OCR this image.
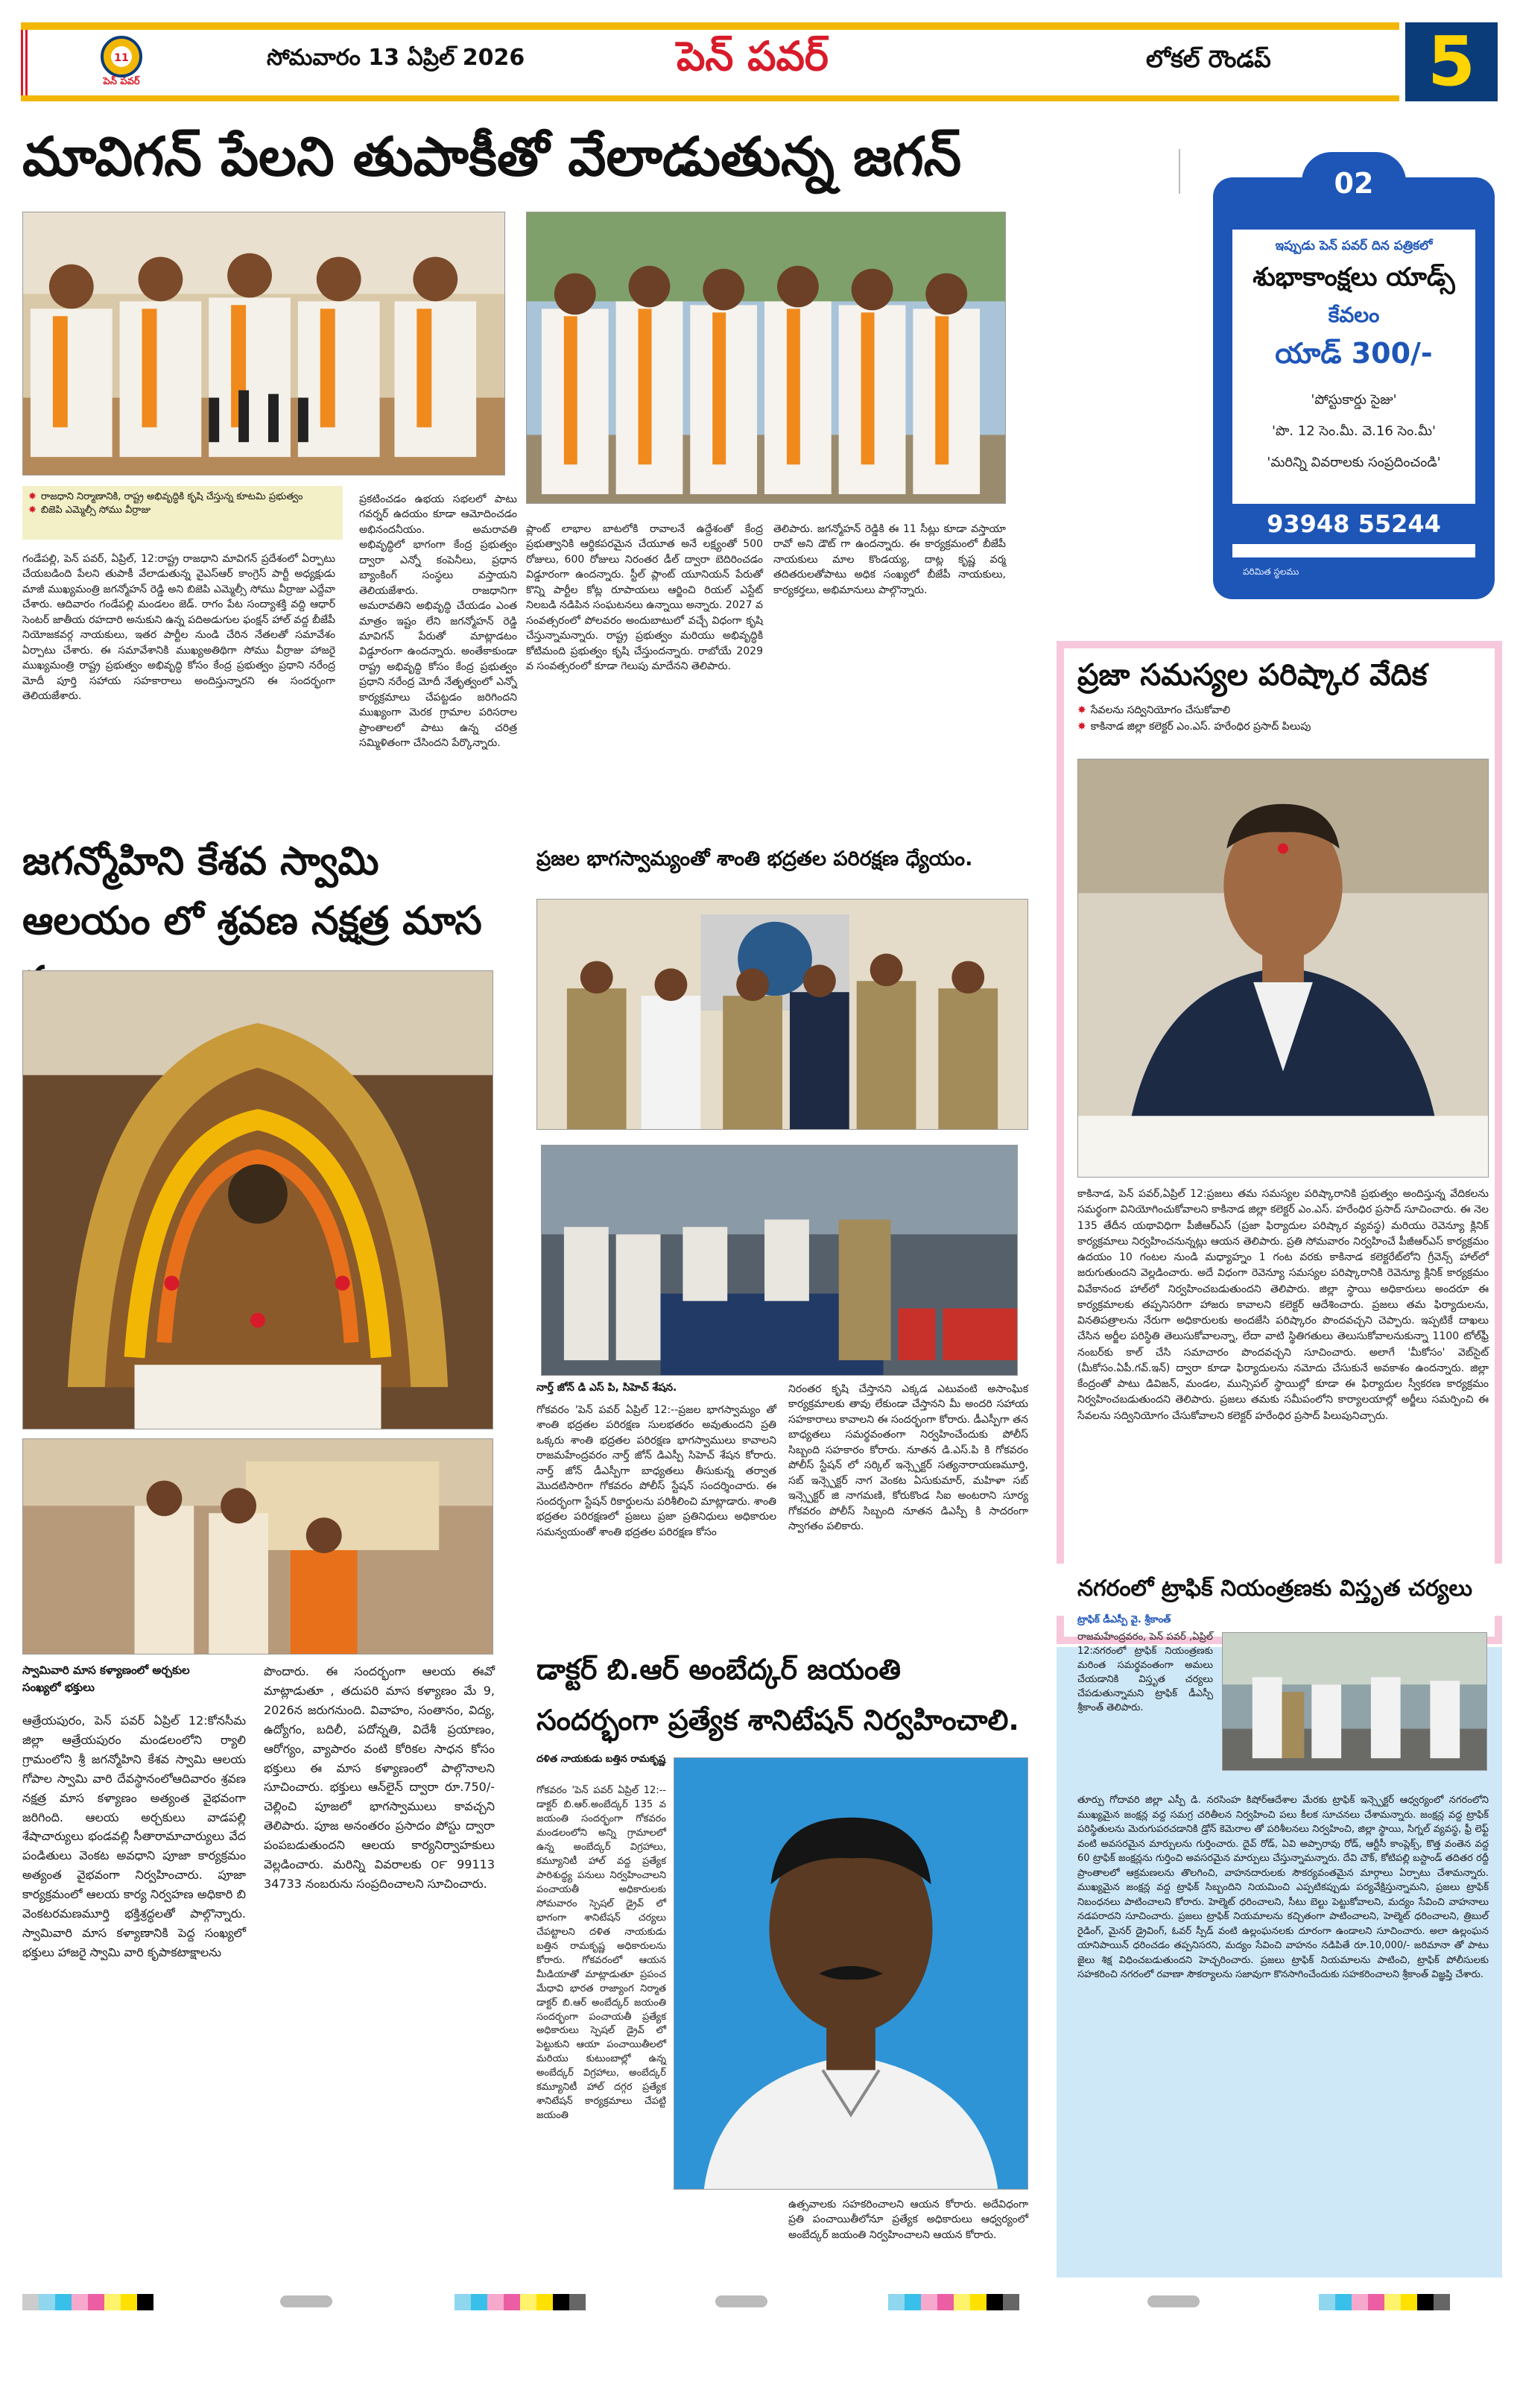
11
పెన్ పవర్
సోమవారం 13 ఏప్రిల్ 2026	పెన్ పవర్	లోకల్ రౌండప్	5
మావిగన్ పేలని తుపాకీతో వేలాడుతున్న జగన్
✸ రాజధాని నిర్మాణానికి, రాష్ట్ర అభివృద్ధికి కృషి చేస్తున్న కూటమి ప్రభుత్వం
✸ బిజెపి ఎమ్మెల్సీ సోము వీర్రాజు
గండేపల్లి, పెన్ పవర్, ఏప్రిల్, 12:రాష్ట్ర రాజధాని మావిగన్ ప్రదేశంలో ఏర్పాటు చేయబడింది పేలని తుపాకీ వేలాడుతున్న వైఎస్ఆర్ కాంగ్రెస్ పార్టీ అధ్యక్షుడు మాజీ ముఖ్యమంత్రి జగన్మోహన్ రెడ్డి అని బిజెపి ఎమ్మెల్సీ సోము వీర్రాజు ఎద్దేవా చేశారు. ఆదివారం గండేపల్లి మండలం జెడ్. రాగం పేట సంద్యాశక్తి వద్ది ఆధార్ సెంటర్ జాతీయ రహదారి అనుకుని ఉన్న పదిఅడుగుల ఫంక్షన్ హాల్ వద్ద బీజేపీ నియోజకవర్గ నాయకులు, ఇతర పార్టీల నుండి చేరిన నేతలతో సమావేశం ఏర్పాటు చేశారు. ఈ సమావేశానికి ముఖ్యఅతిథిగా సోము వీర్రాజు హాజరై ముఖ్యమంత్రి రాష్ట్ర ప్రభుత్వం అభివృద్ధి కోసం కేంద్ర ప్రభుత్వం ప్రధాని నరేంద్ర మోదీ పూర్తి సహాయ సహకారాలు అందిస్తున్నారని ఈ సందర్భంగా తెలియజేశారు.
ప్రకటించడం ఉభయ సభలలో పాటు గవర్నర్ ఉదయం కూడా ఆమోదించడం అభినందనీయం. అమరావతి అభివృద్ధిలో భాగంగా కేంద్ర ప్రభుత్వం ద్వారా ఎన్నో కంపెనీలు, ప్రధాన బ్యాంకింగ్ సంస్థలు వస్తాయని తెలియజేశారు. రాజధానిగా అమరావతిని అభివృద్ధి చేయడం ఎంత మాత్రం ఇష్టం లేని జగన్మోహన్ రెడ్డి మావిగన్ పేరుతో మాట్లాడటం విడ్డూరంగా ఉందన్నారు. అంతేకాకుండా రాష్ట్ర అభివృద్ధి కోసం కేంద్ర ప్రభుత్వం ప్రధాని నరేంద్ర మోదీ నేతృత్వంలో ఎన్నో కార్యక్రమాలు చేపట్టడం జరిగిందని ముఖ్యంగా మెరక గ్రామాల పరిసరాల ప్రాంతాలలో పాటు ఉన్న చరిత్ర సమ్మిళితంగా చేసిందని పేర్కొన్నారు.
ప్లాంట్ లాభాల బాటలోకి రావాలనే ఉద్దేశంతో కేంద్ర ప్రభుత్వానికి ఆర్థికపరమైన చేయూత అనే లక్ష్యంతో 500 రోజులు, 600 రోజులు నిరంతర డీల్ ద్వారా బెదిరించడం విడ్డూరంగా ఉందన్నారు. స్టీల్ ప్లాంట్ యూనియన్ పేరుతో కొన్ని పార్టీల కోట్ల రూపాయలు ఆర్జించి రియల్ ఎస్టేట్ నిలబడి నడిపిన సంఘటనలు ఉన్నాయి అన్నారు. 2027 వ సంవత్సరంలో పోలవరం అందుబాటులో వచ్చే విధంగా కృషి చేస్తున్నామన్నారు. రాష్ట్ర ప్రభుత్వం మరియు అభివృద్ధికి కోటిమంది ప్రభుత్వం కృషి చేస్తుందన్నారు. రాబోయే 2029 వ సంవత్సరంలో కూడా గెలుపు మాదేనని తెలిపారు.
తెలిపారు. జగన్మోహన్ రెడ్డికి ఈ 11 సీట్లు కూడా వస్తాయా రావో అని డౌట్ గా ఉందన్నారు. ఈ కార్యక్రమంలో బీజేపీ నాయకులు మాల కొండయ్య, దాట్ల కృష్ణ వర్మ తదితరులతోపాటు అధిక సంఖ్యలో బీజేపీ నాయకులు, కార్యకర్తలు, అభిమానులు పాల్గొన్నారు.
02
ఇప్పుడు పెన్ పవర్ దిన పత్రికలో
శుభాకాంక్షలు యాడ్స్
కేవలం
యాడ్ 300/-
'పోస్టుకార్డు సైజు'
'పొ. 12 సెం.మీ. వె.16 సెం.మీ'
'మరిన్ని వివరాలకు సంప్రదించండి'
93948 55244
పరిమిత స్థలము
జగన్మోహిని కేశవ స్వామి ఆలయం లో శ్రవణ నక్షత్ర మాస
స్వామివారి మాస కళ్యాణంలో అర్చకుల సంఖ్యలో భక్తులు
ఆత్రేయపురం, పెన్ పవర్ ఏప్రిల్ 12:కోనసీమ జిల్లా ఆత్రేయపురం మండలంలోని ర్యాలి గ్రామంలోని శ్రీ జగన్మోహిని కేశవ స్వామి ఆలయ గోపాల స్వామి వారి దేవస్థానంలోఆదివారం శ్రవణ నక్షత్ర మాస కళ్యాణం అత్యంత వైభవంగా జరిగింది. ఆలయ అర్చకులు వాడపల్లి శేషాచార్యులు భండవల్లి సీతారామాచార్యులు వేద పండితులు వెంకట అవధాని పూజా కార్యక్రమం అత్యంత వైభవంగా నిర్వహించారు. పూజా కార్యక్రమంలో ఆలయ కార్య నిర్వహణ అధికారి బి వెంకటరమణమూర్తి భక్తిశ్రద్ధలతో పాల్గొన్నారు. స్వామివారి మాస కళ్యాణానికి పెద్ద సంఖ్యలో భక్తులు హాజరై స్వామి వారి కృపాకటాక్షాలను
పొందారు. ఈ సందర్భంగా ఆలయ ఈవో మాట్లాడుతూ , తదుపరి మాస కళ్యాణం మే 9, 2026న జరుగనుంది. వివాహం, సంతానం, విద్య, ఉద్యోగం, బదిలీ, పదోన్నతి, విదేశీ ప్రయాణం, ఆరోగ్యం, వ్యాపారం వంటి కోరికల సాధన కోసం భక్తులు ఈ మాస కళ్యాణంలో పాల్గొనాలని సూచించారు. భక్తులు ఆన్‌లైన్ ద్వారా రూ.750/- చెల్లించి పూజలో భాగస్వాములు కావచ్చని తెలిపారు. పూజ అనంతరం ప్రసాదం పోస్టు ద్వారా పంపబడుతుందని ఆలయ కార్యనిర్వాహకులు వెల్లడించారు. మరిన్ని వివరాలకు ౦౯ 99113 34733 నంబరును సంప్రదించాలని సూచించారు.
ప్రజల భాగస్వామ్యంతో శాంతి భద్రతల పరిరక్షణ ధ్యేయం.
నార్త్ జోన్ డి ఎస్ పి, సిహెచ్ శేషన.
గోకవరం 'పెన్ పవర్ ఏప్రిల్ 12:--ప్రజల భాగస్వామ్యం తో శాంతి భద్రతల పరిరక్షణ సులభతరం అవుతుందని ప్రతి ఒక్కరు శాంతి భద్రతల పరిరక్షణ భాగస్వాములు కావాలని రాజమహేంద్రవరం నార్త్ జోన్ డిఎస్పీ సిహెచ్ శేషన కోరారు. నార్త్ జోన్ డీఎస్పీగా బాధ్యతలు తీసుకున్న తర్వాత మొదటిసారిగా గోకవరం పోలీస్ స్టేషన్ సందర్శించారు. ఈ సందర్భంగా స్టేషన్ రికార్డులను పరిశీలించి మాట్లాడారు. శాంతి భద్రతల పరిరక్షణలో ప్రజలు ప్రజా ప్రతినిధులు అధికారుల సమన్వయంతో శాంతి భద్రతల పరిరక్షణ కోసం
నిరంతర కృషి చేస్తానని ఎక్కడ ఎటువంటి అసాంఘిక కార్యక్రమాలకు తావు లేకుండా చేస్తానని మీ అందరి సహాయ సహకారాలు కావాలని ఈ సందర్భంగా కోరారు. డీఎస్పీగా తన బాధ్యతలు సమర్థవంతంగా నిర్వహించేందుకు పోలీస్ సిబ్బంది సహకారం కోరారు. నూతన డి.ఎస్.పి కి గోకవరం పోలీస్ స్టేషన్ లో సర్కిల్ ఇన్స్పెక్టర్ సత్యనారాయణమూర్తి, సబ్ ఇన్స్పెక్టర్ నాగ వెంకట ఏసుకుమార్, మహిళా సబ్ ఇన్స్పెక్టర్ జి నాగమణి, కోరుకొండ సిఐ అంటరాని సూర్య గోకవరం పోలీస్ సిబ్బంది నూతన డిఎస్పీ కి సాదరంగా స్వాగతం పలికారు.
డాక్టర్ బి.ఆర్ అంబేద్కర్ జయంతి సందర్భంగా ప్రత్యేక శానిటేషన్ నిర్వహించాలి.
దళిత నాయకుడు బత్తిన రామకృష్ణ
గోకవరం 'పెన్ పవర్ ఏప్రిల్ 12:-- డాక్టర్ బి.ఆర్.అంబేద్కర్ 135 వ జయంతి సందర్భంగా గోకవరం మండలంలోని అన్ని గ్రామాలలో ఉన్న అంబేద్కర్ విగ్రహాలు, కమ్యూనిటీ హాల్ వద్ద ప్రత్యేక పారిశుద్ధ్య పనులు నిర్వహించాలని పంచాయతీ అధికారులకు సోమవారం స్పెషల్ డ్రైవ్ లో భాగంగా శానిటేషన్ చర్యలు చేపట్టాలని దళిత నాయకుడు బత్తిన రామకృష్ణ అధికారులను కోరారు. గోకవరంలో ఆయన మీడియాతో మాట్లాడుతూ ప్రపంచ మేధావి భారత రాజ్యాంగ నిర్మాత డాక్టర్ బి.ఆర్ అంబేద్కర్ జయంతి సందర్భంగా పంచాయతీ ప్రత్యేక అధికారులు స్పెషల్ డ్రైవ్ లో పెట్టుకుని ఆయా పంచాయితీలలో మరియు కుటుంబాల్లో ఉన్న అంబేద్కర్ విగ్రహాలు, అంబేద్కర్ కమ్యూనిటీ హాల్ దగ్గర ప్రత్యేక శానిటేషన్ కార్యక్రమాలు చేపట్టి జయంతి
ఉత్సవాలకు సహకరించాలని ఆయన కోరారు. అదేవిధంగా ప్రతి పంచాయితీలోనూ ప్రత్యేక అధికారులు ఆధ్వర్యంలో అంబేద్కర్ జయంతి నిర్వహించాలని ఆయన కోరారు.
ప్రజా సమస్యల పరిష్కార వేదిక
✸ సేవలను సద్వినియోగం చేసుకోవాలి
✸ కాకినాడ జిల్లా కలెక్టర్ ఎం.ఎస్. హరేంధిర ప్రసాద్ పిలుపు
కాకినాడ, పెన్ పవర్,ఏప్రిల్ 12:ప్రజలు తమ సమస్యల పరిష్కారానికి ప్రభుత్వం అందిస్తున్న వేదికలను సమర్థంగా వినియోగించుకోవాలని కాకినాడ జిల్లా కలెక్టర్ ఎం.ఎస్. హరేంధిర ప్రసాద్ సూచించారు. ఈ నెల 135 తేదీన యథావిధిగా పీజీఆర్ఎస్ (ప్రజా ఫిర్యాదుల పరిష్కార వ్యవస్థ) మరియు రెవెన్యూ క్లినిక్ కార్యక్రమాలు నిర్వహించనున్నట్లు ఆయన తెలిపారు. ప్రతి సోమవారం నిర్వహించే పీజీఆర్ఎస్ కార్యక్రమం ఉదయం 10 గంటల నుండి మధ్యాహ్నం 1 గంట వరకు కాకినాడ కలెక్టరేట్‌లోని గ్రీవెన్స్ హాల్‌లో జరుగుతుందని వెల్లడించారు. అదే విధంగా రెవెన్యూ సమస్యల పరిష్కారానికి రెవెన్యూ క్లినిక్ కార్యక్రమం వివేకానంద హాల్‌లో నిర్వహించబడుతుందని తెలిపారు. జిల్లా స్థాయి అధికారులు అందరూ ఈ కార్యక్రమాలకు తప్పనిసరిగా హాజరు కావాలని కలెక్టర్ ఆదేశించారు. ప్రజలు తమ ఫిర్యాదులను, వినతిపత్రాలను నేరుగా అధికారులకు అందజేసి పరిష్కారం పొందవచ్చని చెప్పారు. ఇప్పటికే దాఖలు చేసిన అర్జీల పరిస్థితి తెలుసుకోవాలన్నా, లేదా వాటి స్థితిగతులు తెలుసుకోవాలనుకున్నా 1100 టోల్‌ఫ్రీ నంబర్‌కు కాల్ చేసి సమాచారం పొందవచ్చని సూచించారు. అలాగే 'మీకోసం' వెబ్‌సైట్ (మీకోసం.ఏపీ.గవ్.ఇన్) ద్వారా కూడా ఫిర్యాదులను నమోదు చేసుకునే అవకాశం ఉందన్నారు. జిల్లా కేంద్రంతో పాటు డివిజన్, మండల, మున్సిపల్ స్థాయిల్లో కూడా ఈ ఫిర్యాదుల స్వీకరణ కార్యక్రమం నిర్వహించబడుతుందని తెలిపారు. ప్రజలు తమకు సమీపంలోని కార్యాలయాల్లో అర్జీలు సమర్పించి ఈ సేవలను సద్వినియోగం చేసుకోవాలని కలెక్టర్ హరేంధిర ప్రసాద్ పిలుపునిచ్చారు.
నగరంలో ట్రాఫిక్ నియంత్రణకు విస్తృత చర్యలు
ట్రాఫిక్ డీఎస్పీ వై. శ్రీకాంత్
రాజమహేంద్రవరం, పెన్ పవర్ ,ఏప్రిల్ 12:నగరంలో ట్రాఫిక్ నియంత్రణకు మరింత సమర్థవంతంగా అమలు చేయడానికి విస్తృత చర్యలు చేపడుతున్నామని ట్రాఫిక్ డీఎస్పీ శ్రీకాంత్ తెలిపారు.
తూర్పు గోదావరి జిల్లా ఎస్పీ డి. నరసింహ కిషోర్ఆదేశాల మేరకు ట్రాఫిక్ ఇన్స్పెక్టర్ ఆధ్వర్యంలో నగరంలోని ముఖ్యమైన జంక్షన్ల వద్ద సమగ్ర చరితీలన నిర్వహించి పలు కీలక సూచనలు చేశామన్నారు. జంక్షన్ల వద్ద ట్రాఫిక్ పరిస్థితులను మెరుగుపరచడానికి డ్రోన్ కెమెరాల తో పరిశీలనలు నిర్వహించి, జిల్లా స్థాయి, సిగ్నల్ వ్యవస్థ, ఫ్రీ లెఫ్ట్ వంటి అవసరమైన మార్పులను గుర్తించారు. దైవ్ రోడ్, ఏవి అప్పారావు రోడ్, ఆర్టీసీ కాంప్లెక్స్, కొత్త వంతెన వద్ద 60 ట్రాఫిక్ జంక్షన్లను గుర్తించి అవసరమైన మార్పులు చేస్తున్నామన్నారు. దేవి చౌక్, కోటిపల్లి బస్టాండ్ తదితర రద్దీ ప్రాంతాలలో ఆక్రమణలను తొలగించి, వాహనదారులకు సౌకర్యవంతమైన మార్గాలు ఏర్పాటు చేశామన్నారు. ముఖ్యమైన జంక్షన్ల వద్ద ట్రాఫిక్ సిబ్బందిని నియమించి ఎప్పటికప్పుడు పర్యవేక్షిస్తున్నామని, ప్రజలు ట్రాఫిక్ నిబంధనలు పాటించాలని కోరారు. హెల్మెట్ ధరించాలని, సీటు బెల్టు పెట్టుకోవాలని, మద్యం సేవించి వాహనాలు నడపరాదని సూచించారు. ప్రజలు ట్రాఫిక్ నియమాలను కచ్చితంగా పాటించాలని, హెల్మెట్ ధరించాలని, త్రిబుల్ రైడింగ్, మైనర్ డ్రైవింగ్, ఓవర్ స్పీడ్ వంటి ఉల్లంఘనలకు దూరంగా ఉండాలని సూచించారు. అలా ఉల్లంఘన యానిపాయిన్ ధరించడం తప్పనిసరని, మద్యం సేవించి వాహనం నడిపితే రూ.10,000/- జరిమానా తో పాటు జైలు శిక్ష విధించబడుతుందని హెచ్చరించారు. ప్రజలు ట్రాఫిక్ నియమాలను పాటించి, ట్రాఫిక్ పోలీసులకు సహకరించి నగరంలో రవాణా సౌకర్యాలను సజావుగా కొనసాగించేందుకు సహకరించాలని శ్రీకాంత్ విజ్ఞప్తి చేశారు.
